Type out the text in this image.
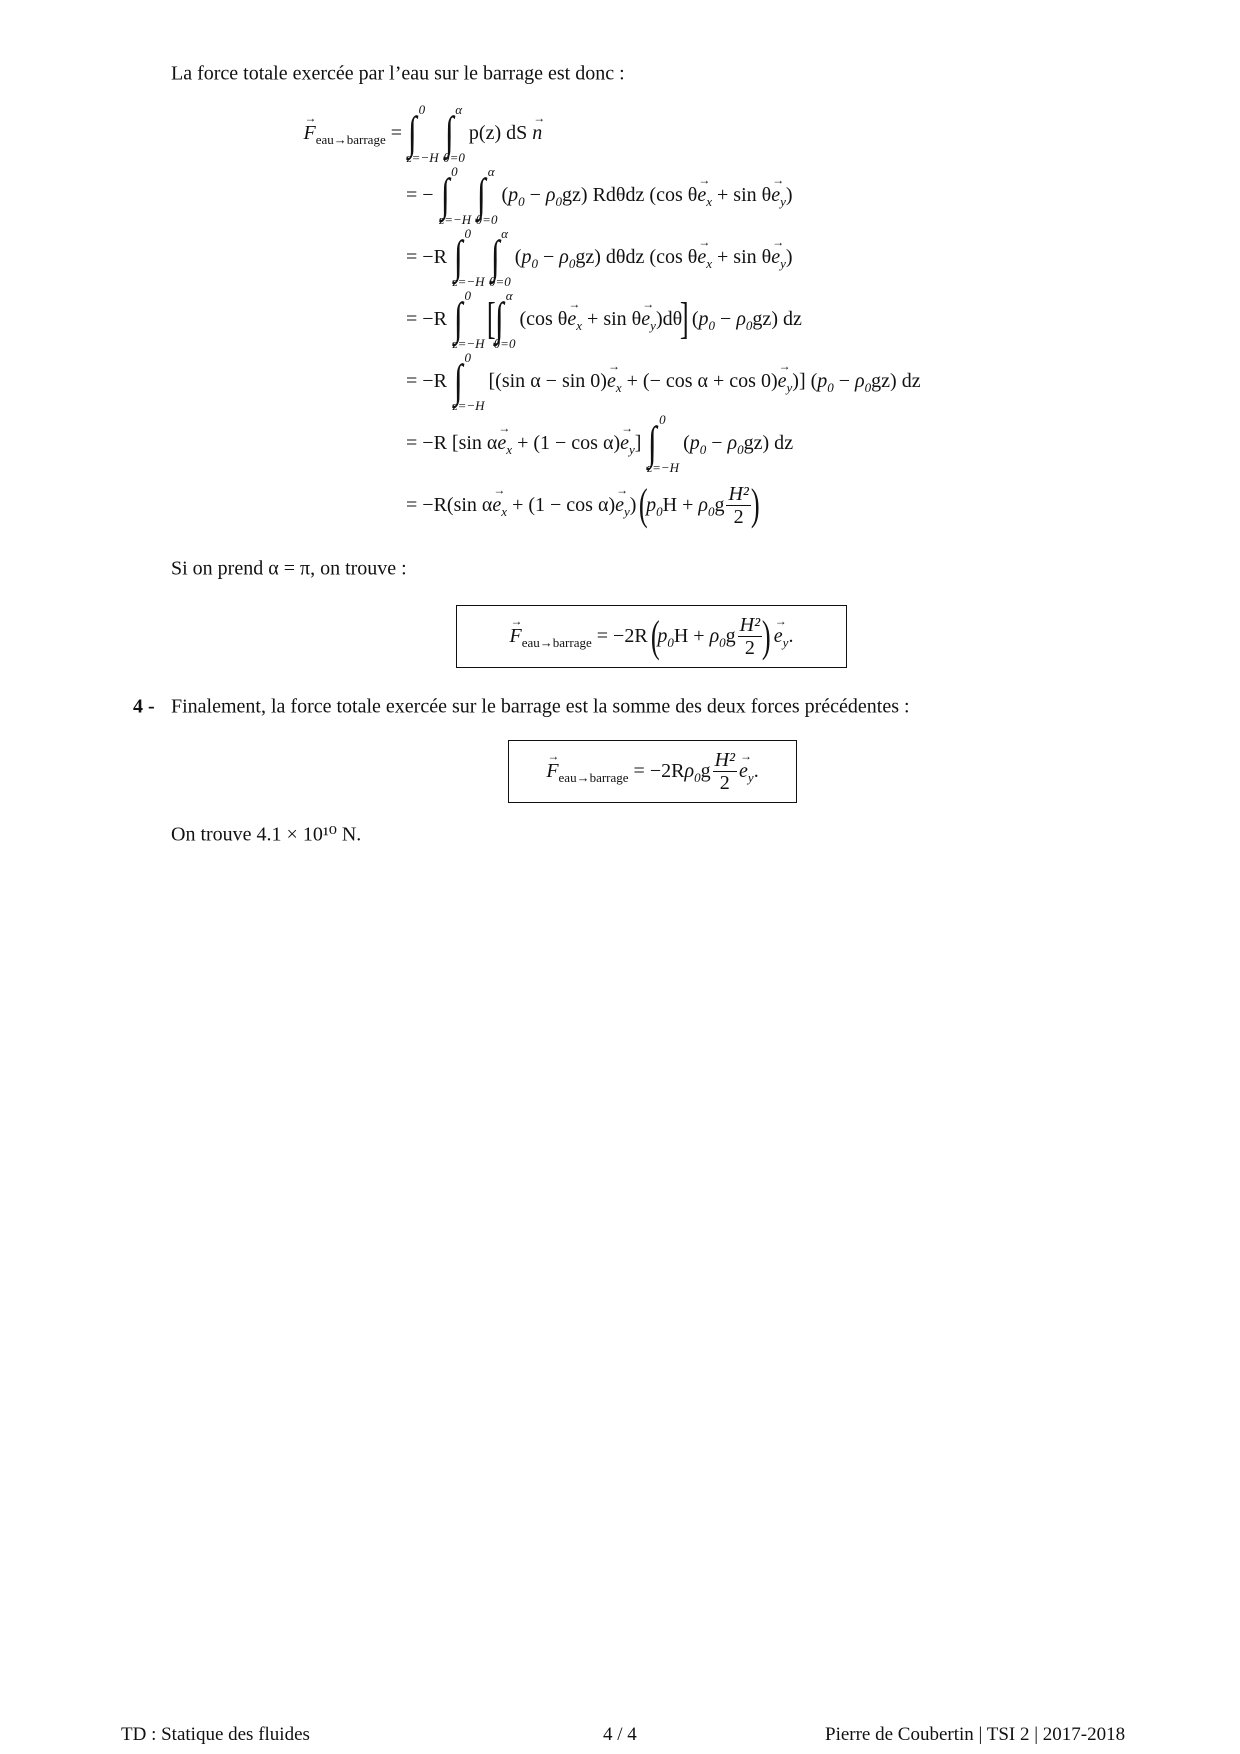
La force totale exercée par l’eau sur le barrage est donc :
→ $F_{eau\to barrage}$ = ∫ 0
z=−H ∫ α
θ=0
p ( z ) d S → n
= − ∫ 0
z=−H ∫ α
θ=0
( $p_0 - \rho_0$ gz ) R d θ d z (cos $\theta \to e_x + \sin \theta \to e_y$ )
= − R ∫ 0
z=−H ∫ α
θ=0
( $p_0 - \rho_0$ gz ) d θ d z (cos $\theta \to e_x + \sin \theta \to e_y$ )
= − R ∫ 0
z=−H
[ ∫ α
θ=0
(cos $\theta \to e_x + \sin \theta \to e_y$ )d θ
]
( $p_0 - \rho_0$ gz ) d z
= − R ∫ 0
z=−H
[(sin $\alpha - \sin 0) \to e_x$ + (− $\cos \alpha + \cos 0) \to e_y$ )] ( $p_0 - \rho_0$ gz ) d z
= − R [sin $\alpha \to e_x + (1 - \cos \alpha$ ) → $e_y$ ] ∫ 0
z=−H
( $p_0 - \rho_0$ gz ) d z
= − R (sin $\alpha \to e_x + (1 - \cos \alpha$ ) → $e_y$ )
(
$p_0$ $H + \rho_0$ g $\frac{\text{H²}}{2}$ )
Si on prend α = π, on trouve :
→ $F_{eau\to barrage} = -2$ R
(
$p_0$ $H + \rho_0$ g $\frac{\text{H²}}{2}$ )
→ $e_y$ .
4 - Finalement, la force totale exercée sur le barrage est la somme des deux forces précédentes :
→ $F_{eau\to barrage} = -2$ R $\rho_0$ g $\frac{\text{H²}}{2} \to e_y$ .
On trouve 4.1 × 10¹⁰ N.
TD : Statique des fluides	4 / 4	Pierre de Coubertin | TSI 2 | 2017-2018
